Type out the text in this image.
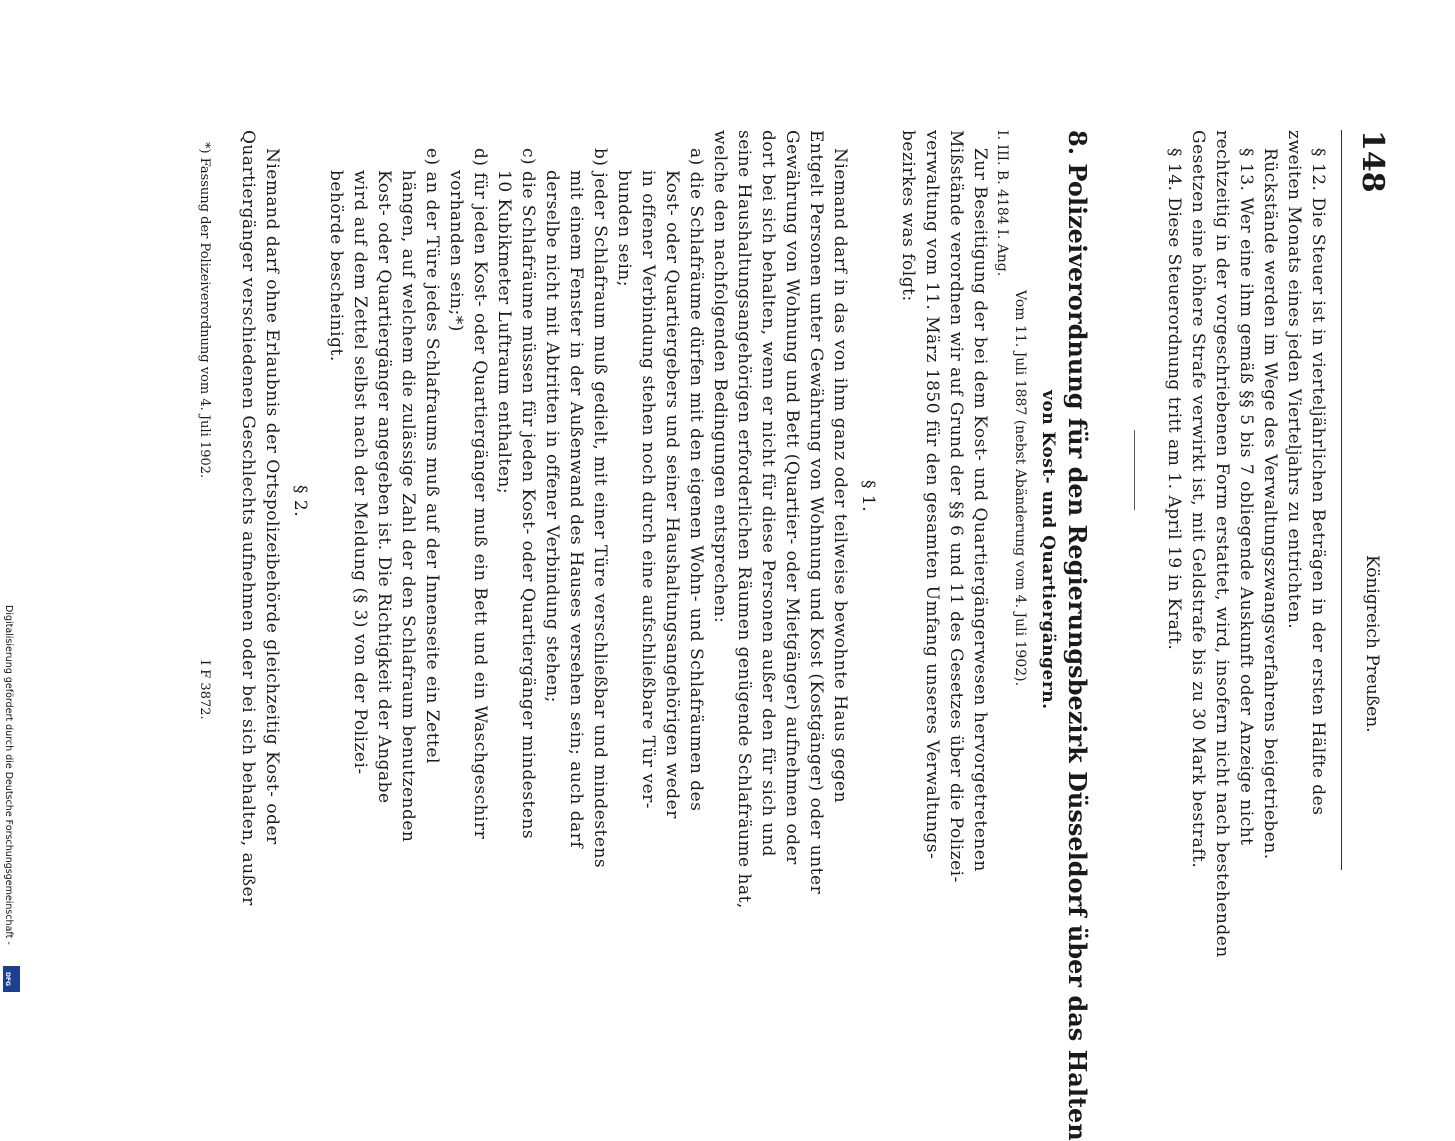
148
Königreich Preußen.
§ 12. Die Steuer ist in vierteljährlichen Beträgen in der ersten Hälfte des
zweiten Monats eines jeden Vierteljahrs zu entrichten.
Rückstände werden im Wege des Verwaltungszwangsverfahrens beigetrieben.
§ 13. Wer eine ihm gemäß §§ 5 bis 7 obliegende Auskunft oder Anzeige nicht
rechtzeitig in der vorgeschriebenen Form erstattet, wird, insofern nicht nach bestehenden
Gesetzen eine höhere Strafe verwirkt ist, mit Geldstrafe bis zu 30 Mark bestraft.
§ 14. Diese Steuerordnung tritt am 1. April 19 in Kraft.
8. Polizeiverordnung für den Regierungsbezirk Düsseldorf über das Halten
von Kost- und Quartiergängern.
Vom 11. Juli 1887 (nebst Abänderung vom 4. Juli 1902).
I. III. B. 4184 I. Ang.
Zur Beseitigung der bei dem Kost- und Quartiergängerwesen hervorgetretenen
Mißstände verordnen wir auf Grund der §§ 6 und 11 des Gesetzes über die Polizei-
verwaltung vom 11. März 1850 für den gesamten Umfang unseres Verwaltungs-
bezirkes was folgt:
§ 1.
Niemand darf in das von ihm ganz oder teilweise bewohnte Haus gegen
Entgelt Personen unter Gewährung von Wohnung und Kost (Kostgänger) oder unter
Gewährung von Wohnung und Bett (Quartier- oder Mietgänger) aufnehmen oder
dort bei sich behalten, wenn er nicht für diese Personen außer den für sich und
seine Haushaltungsangehörigen erforderlichen Räumen genügende Schlafräume hat,
welche den nachfolgenden Bedingungen entsprechen:
a) die Schlafräume dürfen mit den eigenen Wohn- und Schlafräumen des
Kost- oder Quartiergebers und seiner Haushaltungsangehörigen weder
in offener Verbindung stehen noch durch eine aufschließbare Tür ver-
bunden sein;
b) jeder Schlafraum muß gedielt, mit einer Türe verschließbar und mindestens
mit einem Fenster in der Außenwand des Hauses versehen sein; auch darf
derselbe nicht mit Abtritten in offener Verbindung stehen;
c) die Schlafräume müssen für jeden Kost- oder Quartiergänger mindestens
10 Kubikmeter Luftraum enthalten;
d) für jeden Kost- oder Quartiergänger muß ein Bett und ein Waschgeschirr
vorhanden sein;*)
e) an der Türe jedes Schlafraums muß auf der Innenseite ein Zettel
hängen, auf welchem die zulässige Zahl der den Schlafraum benutzenden
Kost- oder Quartiergänger angegeben ist. Die Richtigkeit der Angabe
wird auf dem Zettel selbst nach der Meldung (§ 3) von der Polizei-
behörde bescheinigt.
§ 2.
Niemand darf ohne Erlaubnis der Ortspolizeibehörde gleichzeitig Kost- oder
Quartiergänger verschiedenen Geschlechts aufnehmen oder bei sich behalten, außer
*) Fassung der Polizeiverordnung vom 4. Juli 1902.
I F 3872.
Digitalisierung gefördert durch die Deutsche Forschungsgemeinschaft -
DFG
